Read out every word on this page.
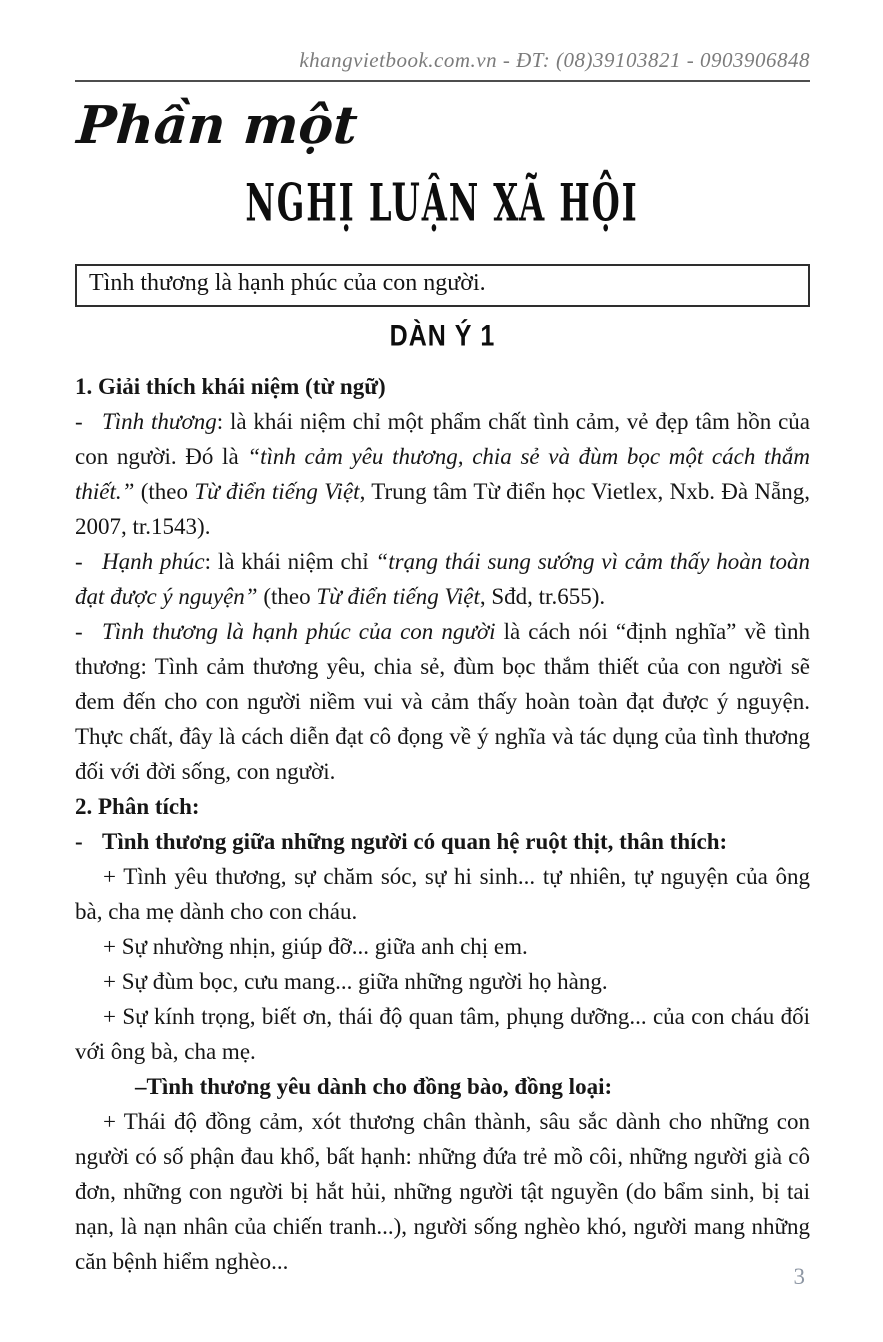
khangvietbook.com.vn - ĐT: (08)39103821 - 0903906848
Phần một
NGHỊ LUẬN XÃ HỘI
Tình thương là hạnh phúc của con người.
DÀN Ý 1

1. Giải thích khái niệm (từ ngữ)

- Tình thương: là khái niệm chỉ một phẩm chất tình cảm, vẻ đẹp tâm hồn của con người. Đó là “tình cảm yêu thương, chia sẻ và đùm bọc một cách thắm thiết.” (theo Từ điển tiếng Việt, Trung tâm Từ điển học Vietlex, Nxb. Đà Nẵng, 2007, tr.1543).

- Hạnh phúc: là khái niệm chỉ “trạng thái sung sướng vì cảm thấy hoàn toàn đạt được ý nguyện” (theo Từ điển tiếng Việt, Sđd, tr.655).

- Tình thương là hạnh phúc của con người là cách nói “định nghĩa” về tình thương: Tình cảm thương yêu, chia sẻ, đùm bọc thắm thiết của con người sẽ đem đến cho con người niềm vui và cảm thấy hoàn toàn đạt được ý nguyện. Thực chất, đây là cách diễn đạt cô đọng về ý nghĩa và tác dụng của tình thương đối với đời sống, con người.

2. Phân tích:

- Tình thương giữa những người có quan hệ ruột thịt, thân thích:

+ Tình yêu thương, sự chăm sóc, sự hi sinh... tự nhiên, tự nguyện của ông bà, cha mẹ dành cho con cháu.

+ Sự nhường nhịn, giúp đỡ... giữa anh chị em.

+ Sự đùm bọc, cưu mang... giữa những người họ hàng.

+ Sự kính trọng, biết ơn, thái độ quan tâm, phụng dưỡng... của con cháu đối với ông bà, cha mẹ.

–Tình thương yêu dành cho đồng bào, đồng loại:

+ Thái độ đồng cảm, xót thương chân thành, sâu sắc dành cho những con người có số phận đau khổ, bất hạnh: những đứa trẻ mồ côi, những người già cô đơn, những con người bị hắt hủi, những người tật nguyền (do bẩm sinh, bị tai nạn, là nạn nhân của chiến tranh...), người sống nghèo khó, người mang những căn bệnh hiểm nghèo...

3
